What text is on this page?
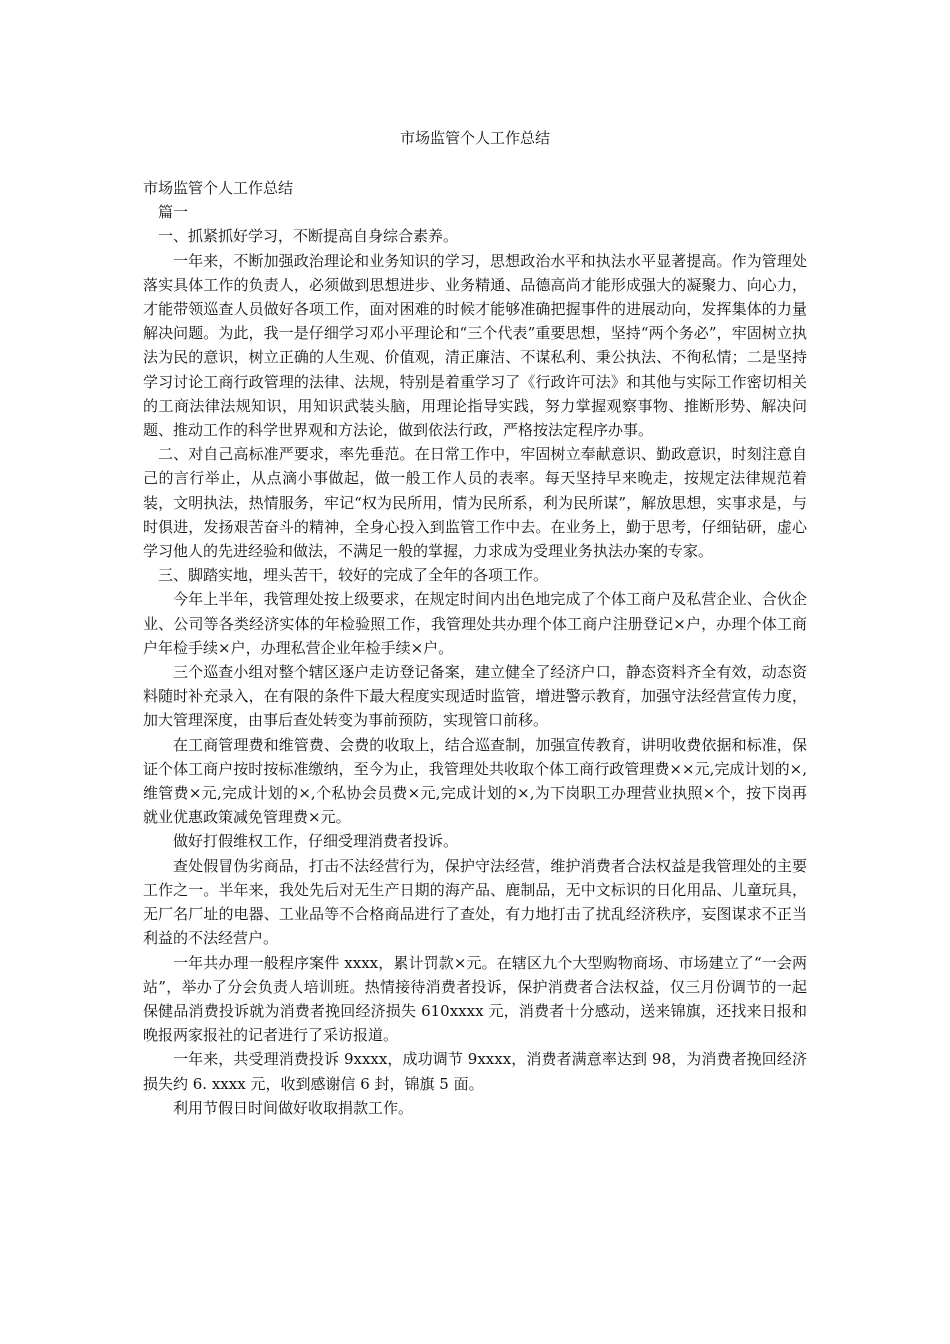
市场监管个人工作总结

市场监管个人工作总结

篇一

一、抓紧抓好学习，不断提高自身综合素养。

一年来，不断加强政治理论和业务知识的学习，思想政治水平和执法水平显著提高。作为管理处落实具体工作的负责人，必须做到思想进步、业务精通、品德高尚才能形成强大的凝聚力、向心力，才能带领巡查人员做好各项工作，面对困难的时候才能够准确把握事件的进展动向，发挥集体的力量解决问题。为此，我一是仔细学习邓小平理论和“三个代表”重要思想，坚持“两个务必”，牢固树立执法为民的意识，树立正确的人生观、价值观，清正廉洁、不谋私利、秉公执法、不徇私情；二是坚持学习讨论工商行政管理的法律、法规，特别是着重学习了《行政许可法》和其他与实际工作密切相关的工商法律法规知识，用知识武装头脑，用理论指导实践，努力掌握观察事物、推断形势、解决问题、推动工作的科学世界观和方法论，做到依法行政，严格按法定程序办事。

二、对自己高标准严要求，率先垂范。在日常工作中，牢固树立奉献意识、勤政意识，时刻注意自己的言行举止，从点滴小事做起，做一般工作人员的表率。每天坚持早来晚走，按规定法律规范着装，文明执法，热情服务，牢记“权为民所用，情为民所系，利为民所谋”，解放思想，实事求是，与时俱进，发扬艰苦奋斗的精神，全身心投入到监管工作中去。在业务上，勤于思考，仔细钻研，虚心学习他人的先进经验和做法，不满足一般的掌握，力求成为受理业务执法办案的专家。

三、脚踏实地，埋头苦干，较好的完成了全年的各项工作。

今年上半年，我管理处按上级要求，在规定时间内出色地完成了个体工商户及私营企业、合伙企业、公司等各类经济实体的年检验照工作，我管理处共办理个体工商户注册登记×户，办理个体工商户年检手续×户，办理私营企业年检手续×户。

三个巡查小组对整个辖区逐户走访登记备案，建立健全了经济户口，静态资料齐全有效，动态资料随时补充录入，在有限的条件下最大程度实现适时监管，增进警示教育，加强守法经营宣传力度，加大管理深度，由事后查处转变为事前预防，实现管口前移。

在工商管理费和维管费、会费的收取上，结合巡查制，加强宣传教育，讲明收费依据和标准，保证个体工商户按时按标准缴纳，至今为止，我管理处共收取个体工商行政管理费××元,完成计划的×,维管费×元,完成计划的×,个私协会员费×元,完成计划的×,为下岗职工办理营业执照×个，按下岗再就业优惠政策减免管理费×元。

做好打假维权工作，仔细受理消费者投诉。

查处假冒伪劣商品，打击不法经营行为，保护守法经营，维护消费者合法权益是我管理处的主要工作之一。半年来，我处先后对无生产日期的海产品、鹿制品，无中文标识的日化用品、儿童玩具，无厂名厂址的电器、工业品等不合格商品进行了查处，有力地打击了扰乱经济秩序，妄图谋求不正当利益的不法经营户。

一年共办理一般程序案件 xxxx，累计罚款×元。在辖区九个大型购物商场、市场建立了“一会两站”，举办了分会负责人培训班。热情接待消费者投诉，保护消费者合法权益，仅三月份调节的一起保健品消费投诉就为消费者挽回经济损失 610xxxx 元，消费者十分感动，送来锦旗，还找来日报和晚报两家报社的记者进行了采访报道。

一年来，共受理消费投诉 9xxxx，成功调节 9xxxx，消费者满意率达到 98，为消费者挽回经济损失约 6. xxxx 元，收到感谢信 6 封，锦旗 5 面。

利用节假日时间做好收取捐款工作。
